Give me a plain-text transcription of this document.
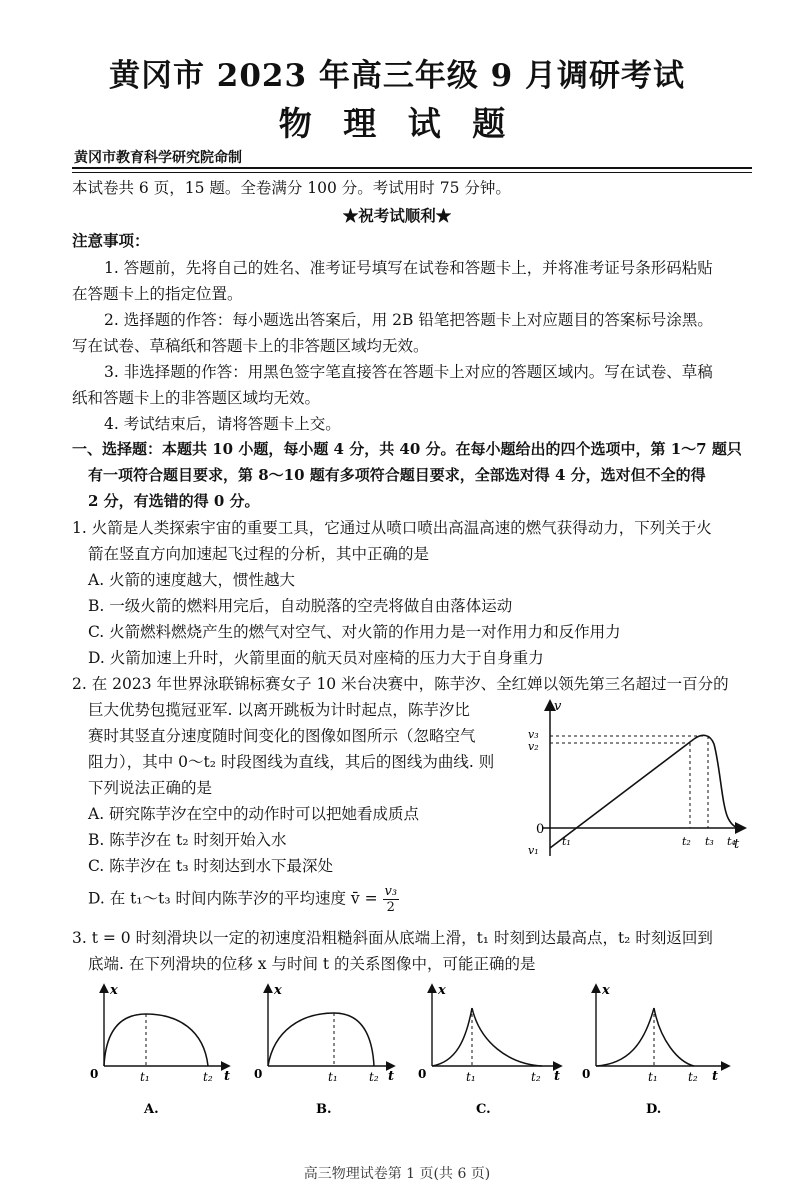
黄冈市 2023 年高三年级 9 月调研考试
物 理 试 题
黄冈市教育科学研究院命制
本试卷共 6 页，15 题。全卷满分 100 分。考试用时 75 分钟。
★祝考试顺利★
注意事项：
1. 答题前，先将自己的姓名、准考证号填写在试卷和答题卡上，并将准考证号条形码粘贴
在答题卡上的指定位置。
2. 选择题的作答：每小题选出答案后，用 2B 铅笔把答题卡上对应题目的答案标号涂黑。
写在试卷、草稿纸和答题卡上的非答题区域均无效。
3. 非选择题的作答：用黑色签字笔直接答在答题卡上对应的答题区域内。写在试卷、草稿
纸和答题卡上的非答题区域均无效。
4. 考试结束后，请将答题卡上交。
一、选择题：本题共 10 小题，每小题 4 分，共 40 分。在每小题给出的四个选项中，第 1～7 题只
有一项符合题目要求，第 8～10 题有多项符合题目要求，全部选对得 4 分，选对但不全的得
2 分，有选错的得 0 分。
1. 火箭是人类探索宇宙的重要工具，它通过从喷口喷出高温高速的燃气获得动力，下列关于火
箭在竖直方向加速起飞过程的分析，其中正确的是
A. 火箭的速度越大，惯性越大
B. 一级火箭的燃料用完后，自动脱落的空壳将做自由落体运动
C. 火箭燃料燃烧产生的燃气对空气、对火箭的作用力是一对作用力和反作用力
D. 火箭加速上升时，火箭里面的航天员对座椅的压力大于自身重力
2. 在 2023 年世界泳联锦标赛女子 10 米台决赛中，陈芋汐、全红婵以领先第三名超过一百分的
巨大优势包揽冠亚军. 以离开跳板为计时起点，陈芋汐比
赛时其竖直分速度随时间变化的图像如图所示（忽略空气
阻力），其中 0～t₂ 时段图线为直线，其后的图线为曲线. 则
下列说法正确的是
A. 研究陈芋汐在空中的动作时可以把她看成质点
B. 陈芋汐在 t₂ 时刻开始入水
C. 陈芋汐在 t₃ 时刻达到水下最深处
D. 在 t₁～t₃ 时间内陈芋汐的平均速度 v̄ = $\frac{\text{v₃}}{2}$
v
t
0
v₃
v₂
v₁
t₁	t₂ t₃ t₄
3. t = 0 时刻滑块以一定的初速度沿粗糙斜面从底端上滑，t₁ 时刻到达最高点，t₂ 时刻返回到
底端. 在下列滑块的位移 x 与时间 t 的关系图像中，可能正确的是
x
0	t₁	t₂ t
A.
x
0	t₁	t₂ t
B.
x
0	t₁	t₂ t
C.
x
0	t₁	t₂ t
D.
高三物理试卷第 1 页(共 6 页)
